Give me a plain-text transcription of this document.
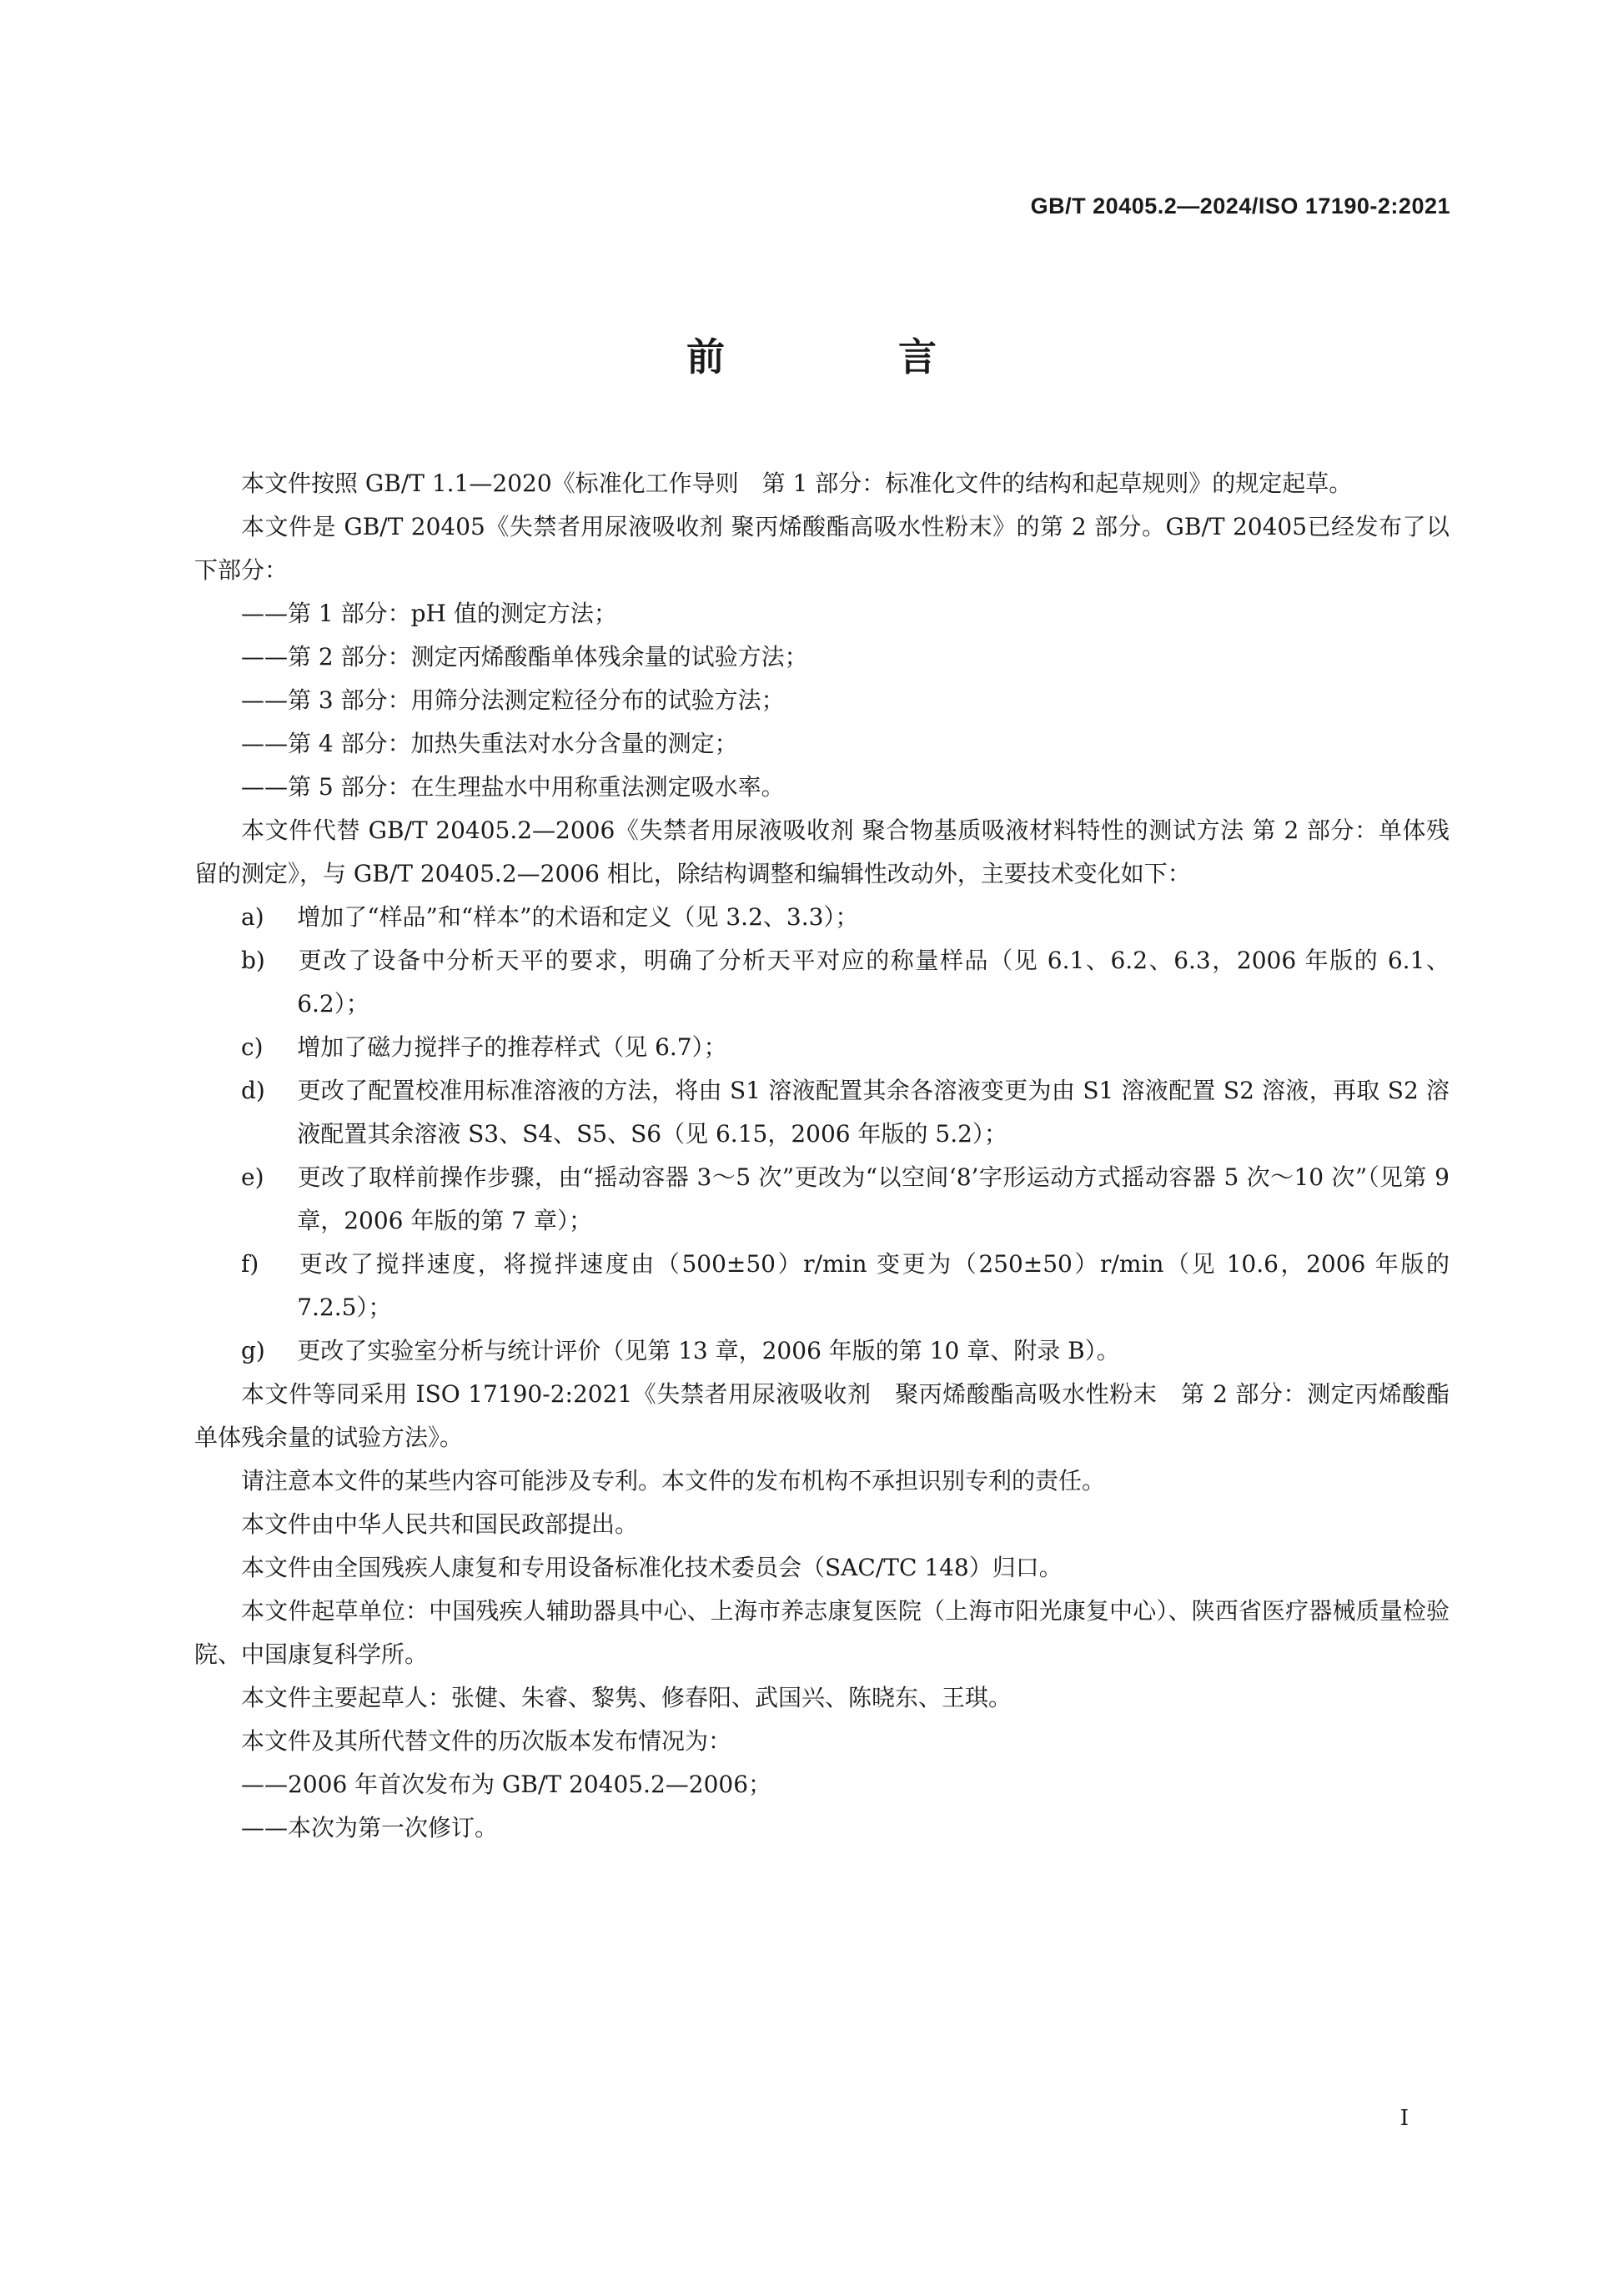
GB/T 20405.2—2024/ISO 17190-2:2021
前 言

本文件按照 GB/T 1.1—2020《标准化工作导则　第 1 部分：标准化文件的结构和起草规则》的规定起草。

本文件是 GB/T 20405《失禁者用尿液吸收剂 聚丙烯酸酯高吸水性粉末》的第 2 部分。GB/T 20405已经发布了以下部分：

——第 1 部分：pH 值的测定方法；

——第 2 部分：测定丙烯酸酯单体残余量的试验方法；

——第 3 部分：用筛分法测定粒径分布的试验方法；

——第 4 部分：加热失重法对水分含量的测定；

——第 5 部分：在生理盐水中用称重法测定吸水率。

本文件代替 GB/T 20405.2—2006《失禁者用尿液吸收剂 聚合物基质吸液材料特性的测试方法 第 2 部分：单体残留的测定》，与 GB/T 20405.2—2006 相比，除结构调整和编辑性改动外，主要技术变化如下：

a) 增加了“样品”和“样本”的术语和定义（见 3.2、3.3）；

b) 更改了设备中分析天平的要求，明确了分析天平对应的称量样品（见 6.1、6.2、6.3，2006 年版的 6.1、6.2）；

c) 增加了磁力搅拌子的推荐样式（见 6.7）；

d) 更改了配置校准用标准溶液的方法，将由 S1 溶液配置其余各溶液变更为由 S1 溶液配置 S2 溶液，再取 S2 溶液配置其余溶液 S3、S4、S5、S6（见 6.15，2006 年版的 5.2）；

e) 更改了取样前操作步骤，由“摇动容器 3～5 次”更改为“以空间‘8’字形运动方式摇动容器 5 次～10 次”（见第 9 章，2006 年版的第 7 章）；

f) 更改了搅拌速度，将搅拌速度由（500±50）r/min 变更为（250±50）r/min（见 10.6，2006 年版的 7.2.5）；

g) 更改了实验室分析与统计评价（见第 13 章，2006 年版的第 10 章、附录 B）。

本文件等同采用 ISO 17190-2:2021《失禁者用尿液吸收剂　聚丙烯酸酯高吸水性粉末　第 2 部分：测定丙烯酸酯单体残余量的试验方法》。

请注意本文件的某些内容可能涉及专利。本文件的发布机构不承担识别专利的责任。

本文件由中华人民共和国民政部提出。

本文件由全国残疾人康复和专用设备标准化技术委员会（SAC/TC 148）归口。

本文件起草单位：中国残疾人辅助器具中心、上海市养志康复医院（上海市阳光康复中心）、陕西省医疗器械质量检验院、中国康复科学所。

本文件主要起草人：张健、朱睿、黎隽、修春阳、武国兴、陈晓东、王琪。

本文件及其所代替文件的历次版本发布情况为：

——2006 年首次发布为 GB/T 20405.2—2006；

——本次为第一次修订。

I
